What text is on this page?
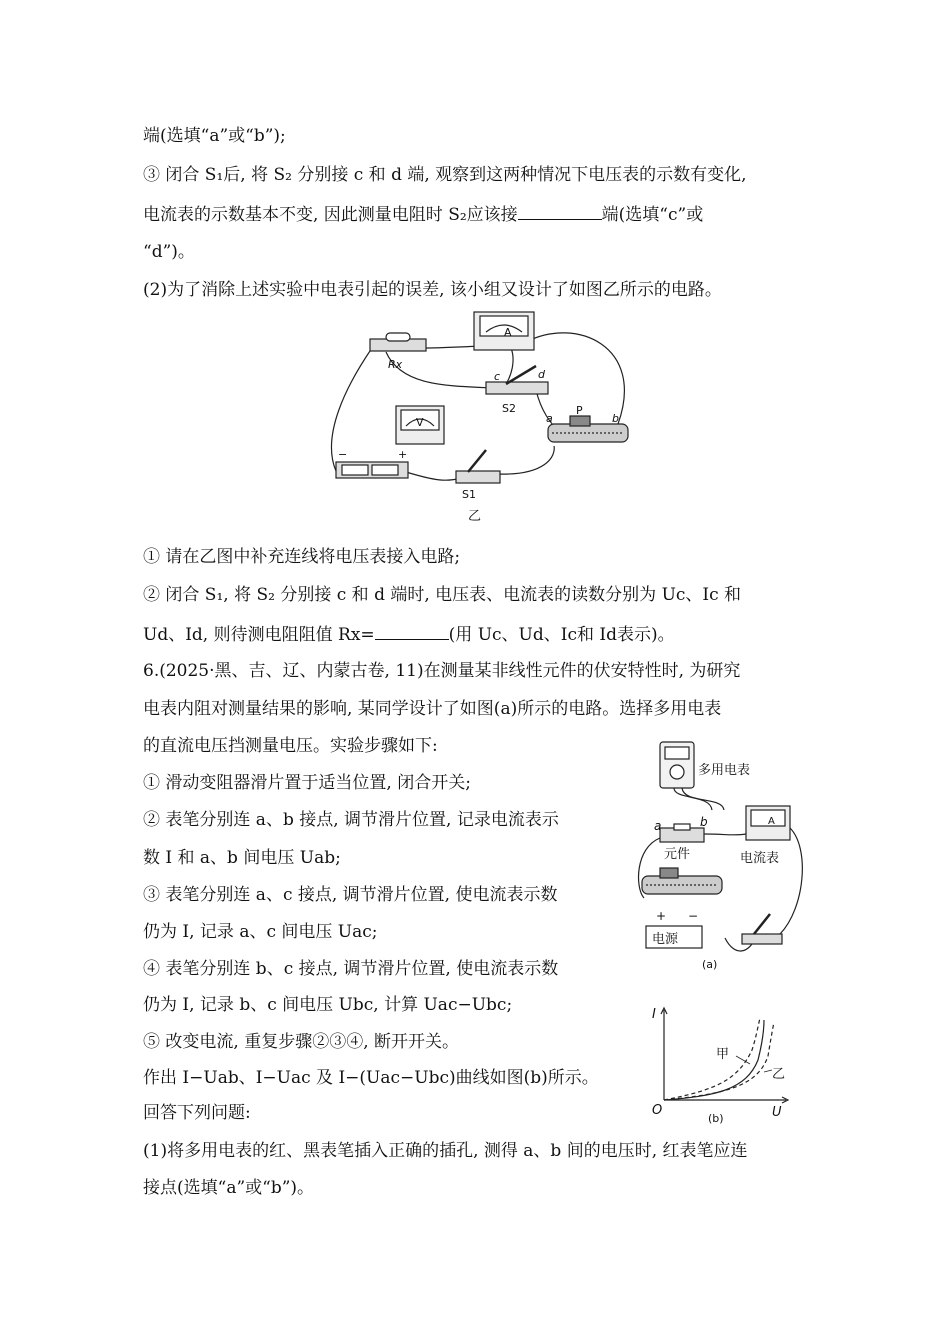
端(选填“a”或“b”);
③ 闭合 S₁后, 将 S₂ 分别接 c 和 d 端, 观察到这两种情况下电压表的示数有变化,
电流表的示数基本不变, 因此测量电阻时 S₂应该接	端(选填“c”或
“d”)。
(2)为了消除上述实验中电表引起的误差, 该小组又设计了如图乙所示的电路。
A
V
Rx
c	d
S2
a
P
b
−	+
S1
乙
① 请在乙图中补充连线将电压表接入电路;
② 闭合 S₁, 将 S₂ 分别接 c 和 d 端时, 电压表、电流表的读数分别为 Uc、Ic 和
Ud、Id, 则待测电阻阻值 Rx=	(用 Uc、Ud、Ic和 Id表示)。
6.(2025·黑、吉、辽、内蒙古卷, 11)在测量某非线性元件的伏安特性时, 为研究
电表内阻对测量结果的影响, 某同学设计了如图(a)所示的电路。选择多用电表
的直流电压挡测量电压。实验步骤如下:
① 滑动变阻器滑片置于适当位置, 闭合开关;
② 表笔分别连 a、b 接点, 调节滑片位置, 记录电流表示
数 I 和 a、b 间电压 Uab;
③ 表笔分别连 a、c 接点, 调节滑片位置, 使电流表示数
仍为 I, 记录 a、c 间电压 Uac;
④ 表笔分别连 b、c 接点, 调节滑片位置, 使电流表示数
仍为 I, 记录 b、c 间电压 Ubc, 计算 Uac−Ubc;
⑤ 改变电流, 重复步骤②③④, 断开开关。
作出 I−Uab、I−Uac 及 I−(Uac−Ubc)曲线如图(b)所示。
回答下列问题:
(1)将多用电表的红、黑表笔插入正确的插孔, 测得 a、b 间的电压时, 红表笔应连
接点(选填“a”或“b”)。
多用电表
a	b
元件
A
电流表
+ −
电源
(a)
I
U
O
甲
乙
(b)
